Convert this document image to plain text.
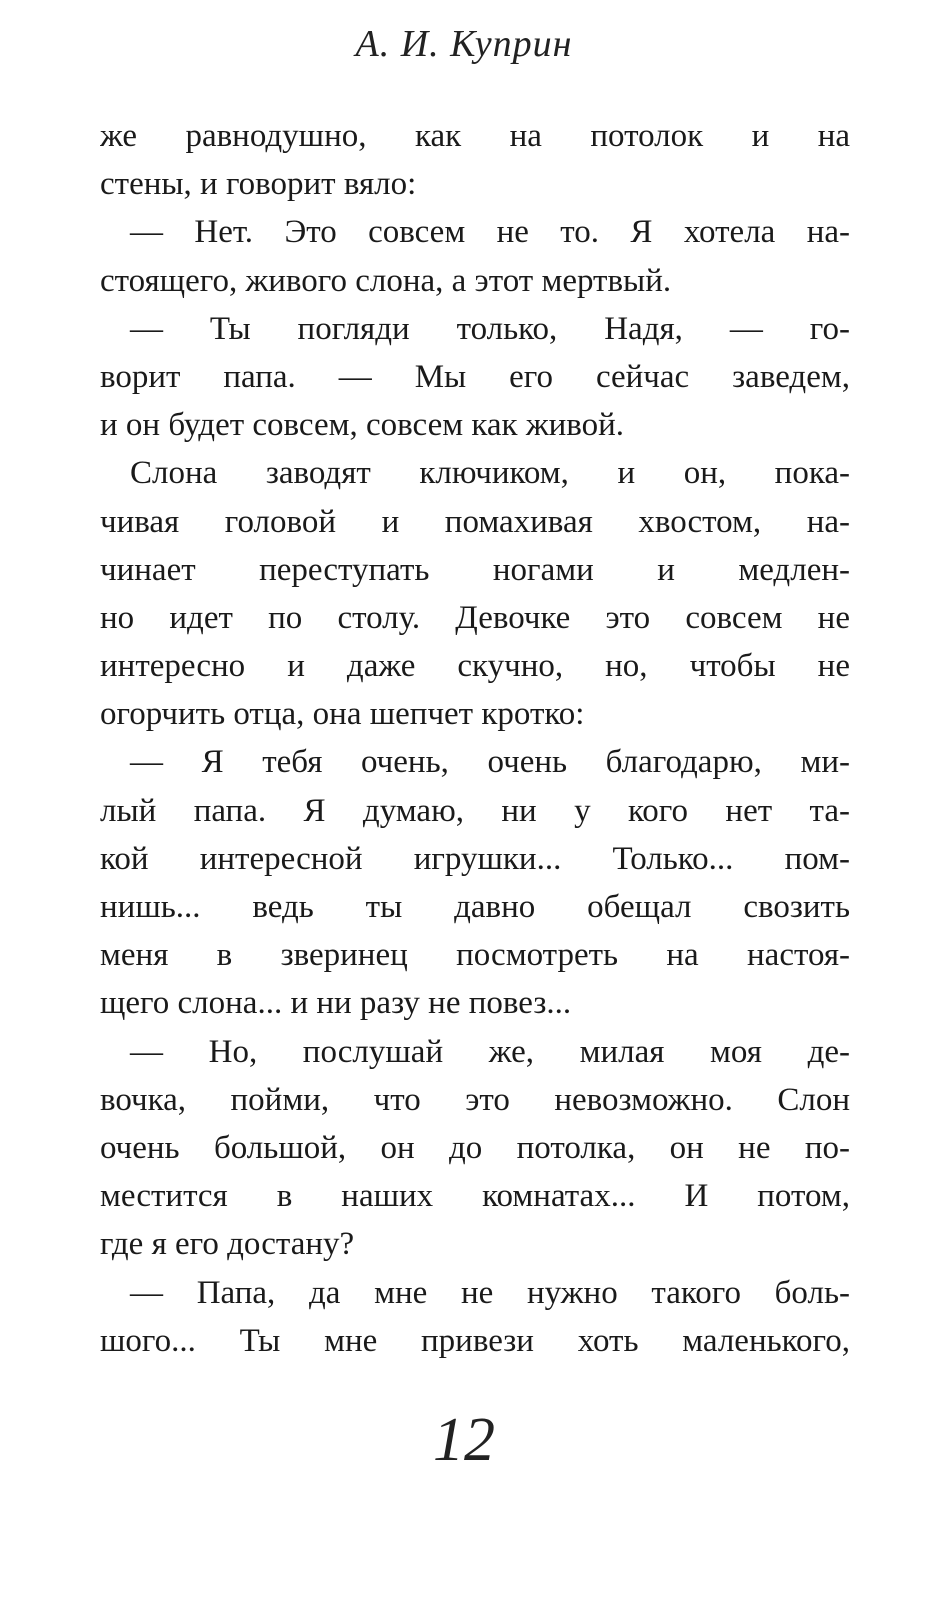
А. И. Куприн
же равнодушно, как на потолок и на
стены, и говорит вяло:
— Нет. Это совсем не то. Я хотела на-
стоящего, живого слона, а этот мертвый.
— Ты погляди только, Надя, — го-
ворит папа. — Мы его сейчас заведем,
и он будет совсем, совсем как живой.
Слона заводят ключиком, и он, пока-
чивая головой и помахивая хвостом, на-
чинает переступать ногами и медлен-
но идет по столу. Девочке это совсем не
интересно и даже скучно, но, чтобы не
огорчить отца, она шепчет кротко:
— Я тебя очень, очень благодарю, ми-
лый папа. Я думаю, ни у кого нет та-
кой интересной игрушки... Только... пом-
нишь... ведь ты давно обещал свозить
меня в зверинец посмотреть на настоя-
щего слона... и ни разу не повез...
— Но, послушай же, милая моя де-
вочка, пойми, что это невозможно. Слон
очень большой, он до потолка, он не по-
местится в наших комнатах... И потом,
где я его достану?
— Папа, да мне не нужно такого боль-
шого... Ты мне привези хоть маленького,
12
